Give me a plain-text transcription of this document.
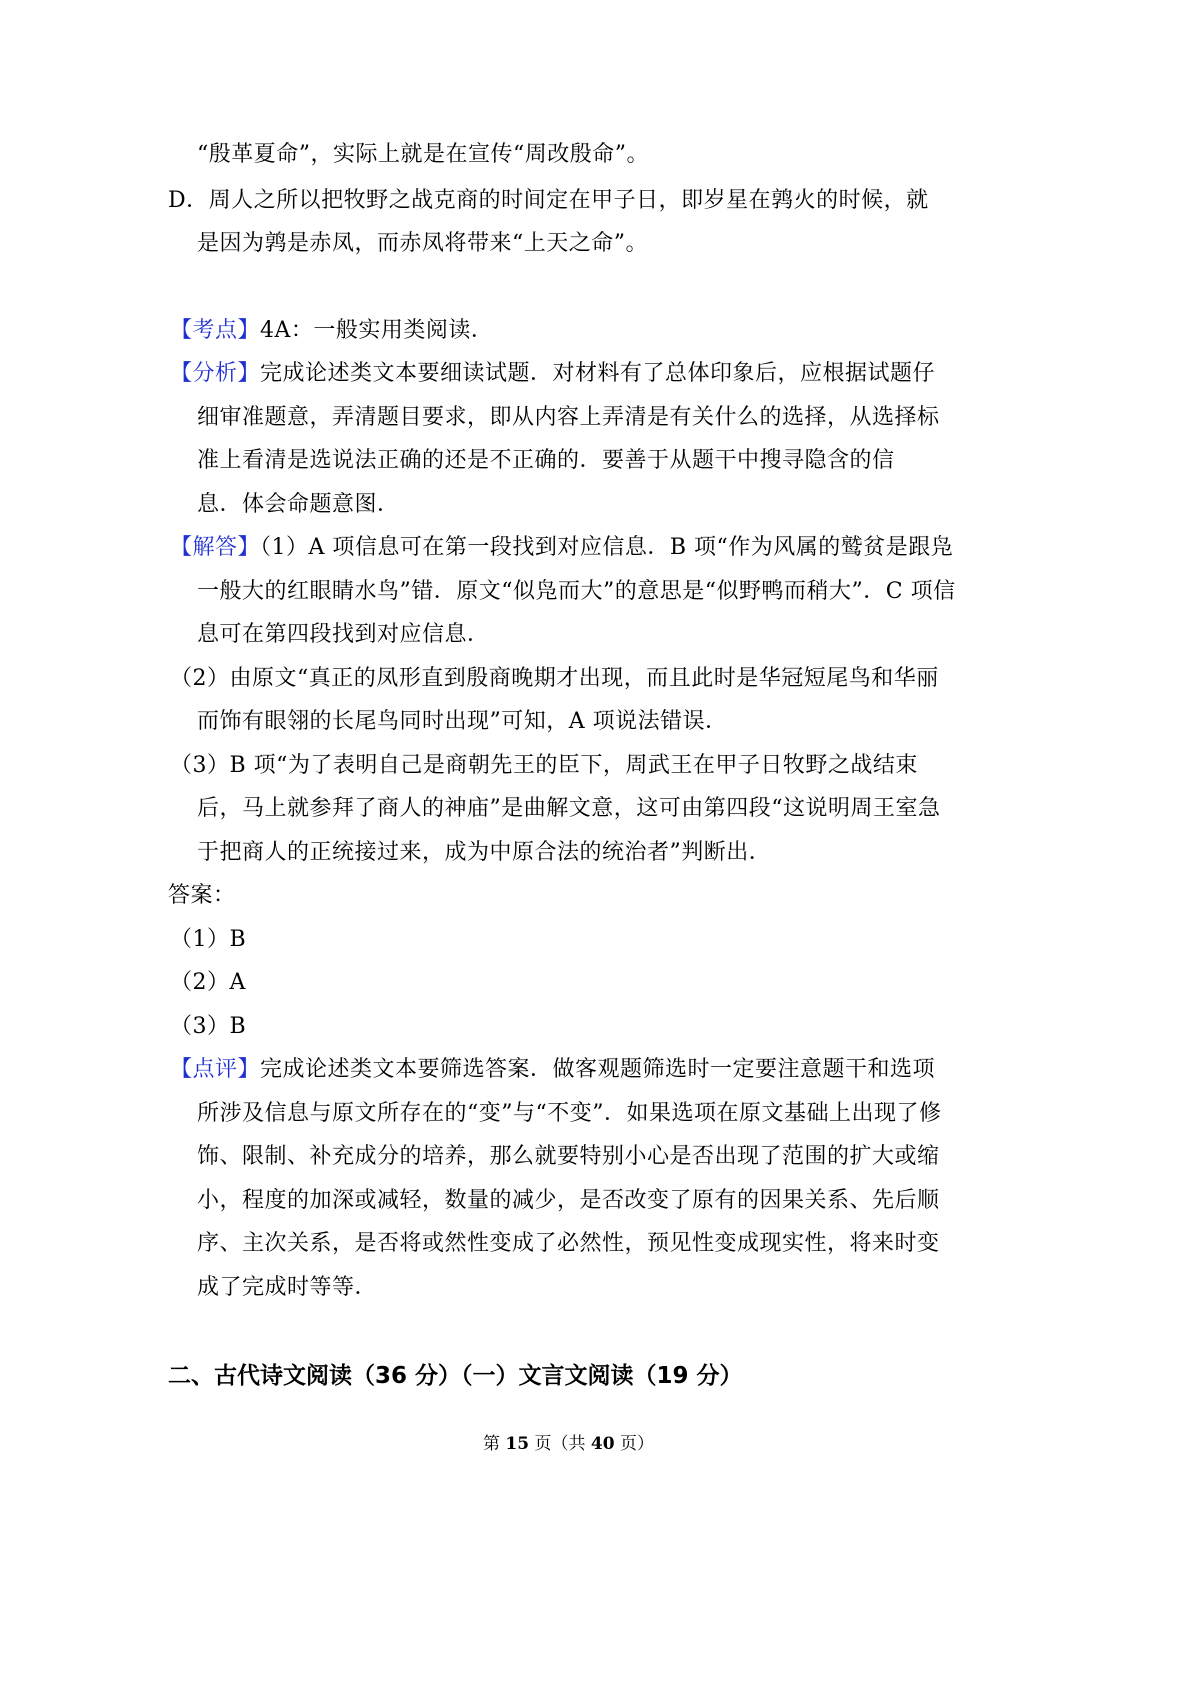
“殷革夏命”，实际上就是在宣传“周改殷命”。
D．周人之所以把牧野之战克商的时间定在甲子日，即岁星在鹑火的时候，就
是因为鹑是赤凤，而赤凤将带来“上天之命”。
【考点】4A：一般实用类阅读．
【分析】完成论述类文本要细读试题．对材料有了总体印象后，应根据试题仔
细审准题意，弄清题目要求，即从内容上弄清是有关什么的选择，从选择标
准上看清是选说法正确的还是不正确的．要善于从题干中搜寻隐含的信
息．体会命题意图．
【解答】（1）A 项信息可在第一段找到对应信息．B 项“作为风属的鹫贫是跟凫
一般大的红眼睛水鸟”错．原文“似凫而大”的意思是“似野鸭而稍大”．C 项信
息可在第四段找到对应信息．
（2）由原文“真正的凤形直到殷商晚期才出现，而且此时是华冠短尾鸟和华丽
而饰有眼翎的长尾鸟同时出现”可知，A 项说法错误．
（3）B 项“为了表明自己是商朝先王的臣下，周武王在甲子日牧野之战结束
后，马上就参拜了商人的神庙”是曲解文意，这可由第四段“这说明周王室急
于把商人的正统接过来，成为中原合法的统治者”判断出．
答案：
（1）B
（2）A
（3）B
【点评】完成论述类文本要筛选答案．做客观题筛选时一定要注意题干和选项
所涉及信息与原文所存在的“变”与“不变”．如果选项在原文基础上出现了修
饰、限制、补充成分的培养，那么就要特别小心是否出现了范围的扩大或缩
小，程度的加深或减轻，数量的减少，是否改变了原有的因果关系、先后顺
序、主次关系，是否将或然性变成了必然性，预见性变成现实性，将来时变
成了完成时等等．
二、古代诗文阅读（36 分）（一）文言文阅读（19 分）
第 15 页（共 40 页）
